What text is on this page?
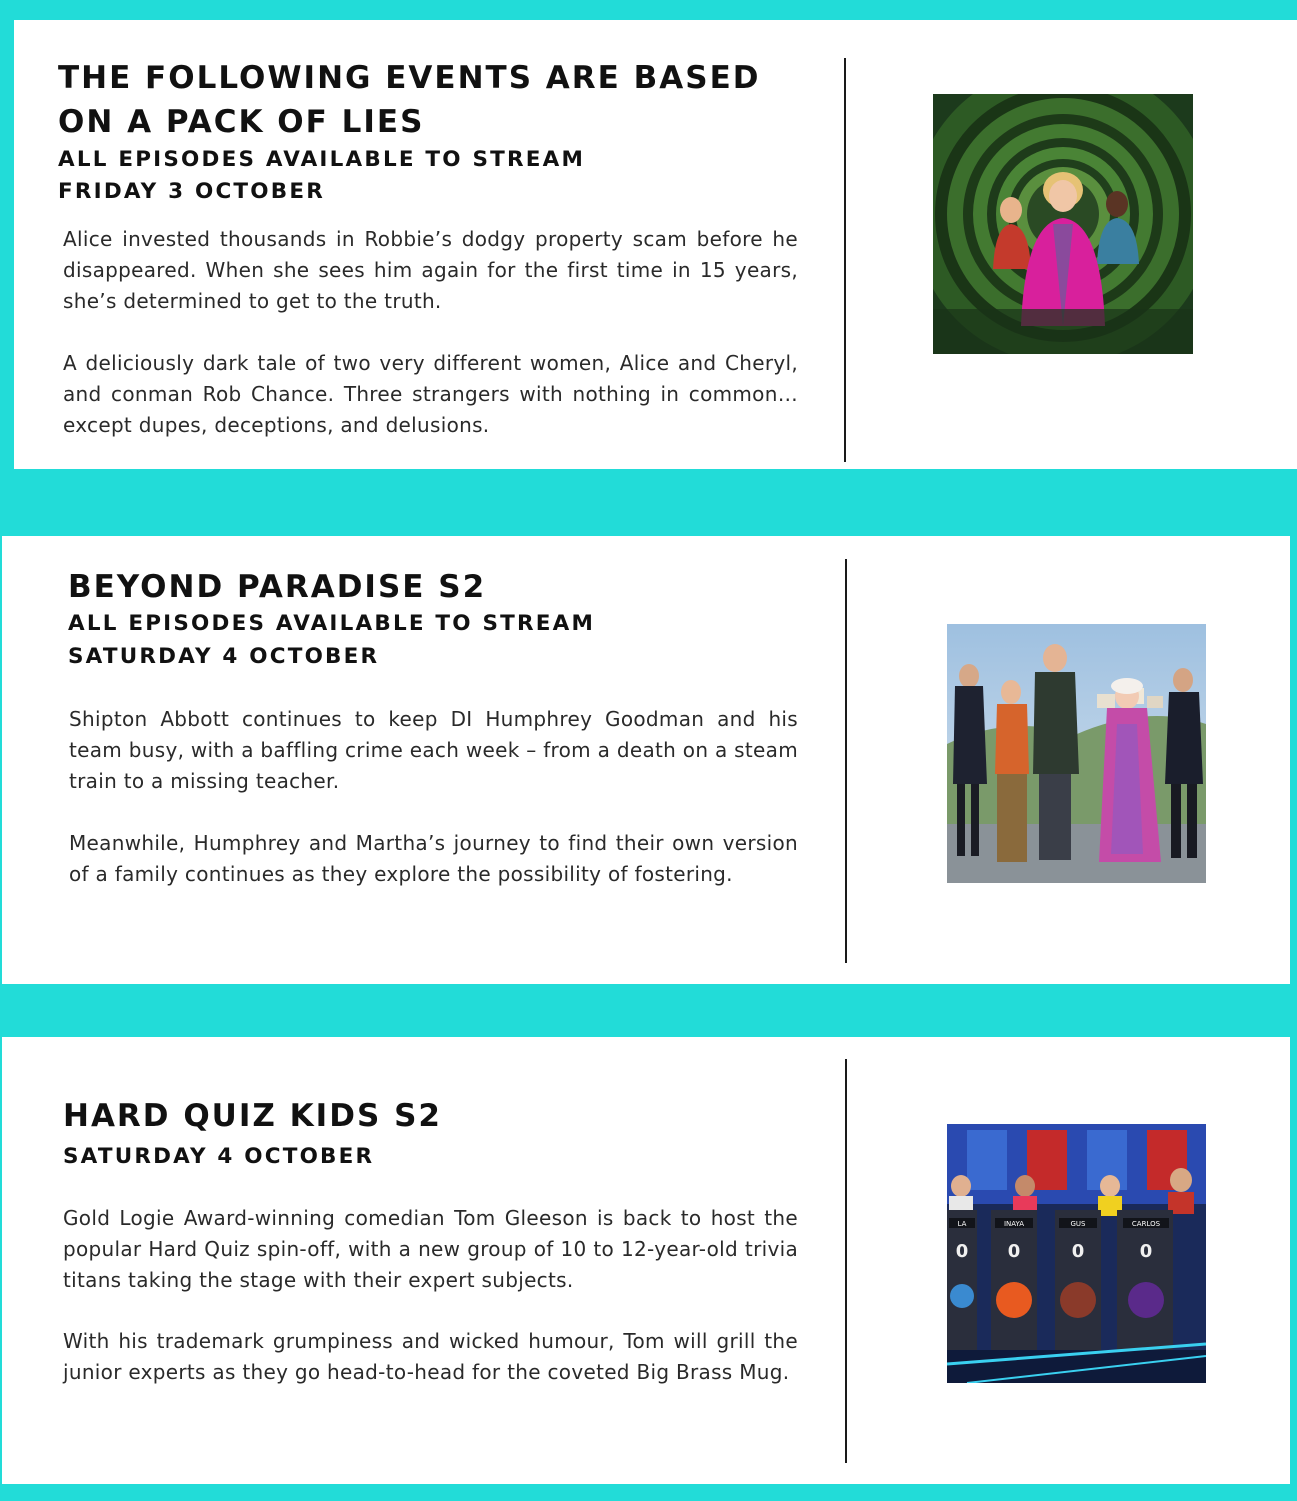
THE FOLLOWING EVENTS ARE BASED ON A PACK OF LIES
ALL EPISODES AVAILABLE TO STREAM
FRIDAY 3 OCTOBER

Alice invested thousands in Robbie’s dodgy property scam before he disappeared. When she sees him again for the first time in 15 years, she’s determined to get to the truth.

A deliciously dark tale of two very different women, Alice and Cheryl, and conman Rob Chance. Three strangers with nothing in common… except dupes, deceptions, and delusions.

BEYOND PARADISE S2
ALL EPISODES AVAILABLE TO STREAM
SATURDAY 4 OCTOBER

Shipton Abbott continues to keep DI Humphrey Goodman and his team busy, with a baffling crime each week – from a death on a steam train to a missing teacher.

Meanwhile, Humphrey and Martha’s journey to find their own version of a family continues as they explore the possibility of fostering.

HARD QUIZ KIDS S2
SATURDAY 4 OCTOBER

Gold Logie Award-winning comedian Tom Gleeson is back to host the popular Hard Quiz spin-off, with a new group of 10 to 12-year-old trivia titans taking the stage with their expert subjects.

With his trademark grumpiness and wicked humour, Tom will grill the junior experts as they go head-to-head for the coveted Big Brass Mug.

LA	INAYA	GUS	CARLOS
0	0	0
0
